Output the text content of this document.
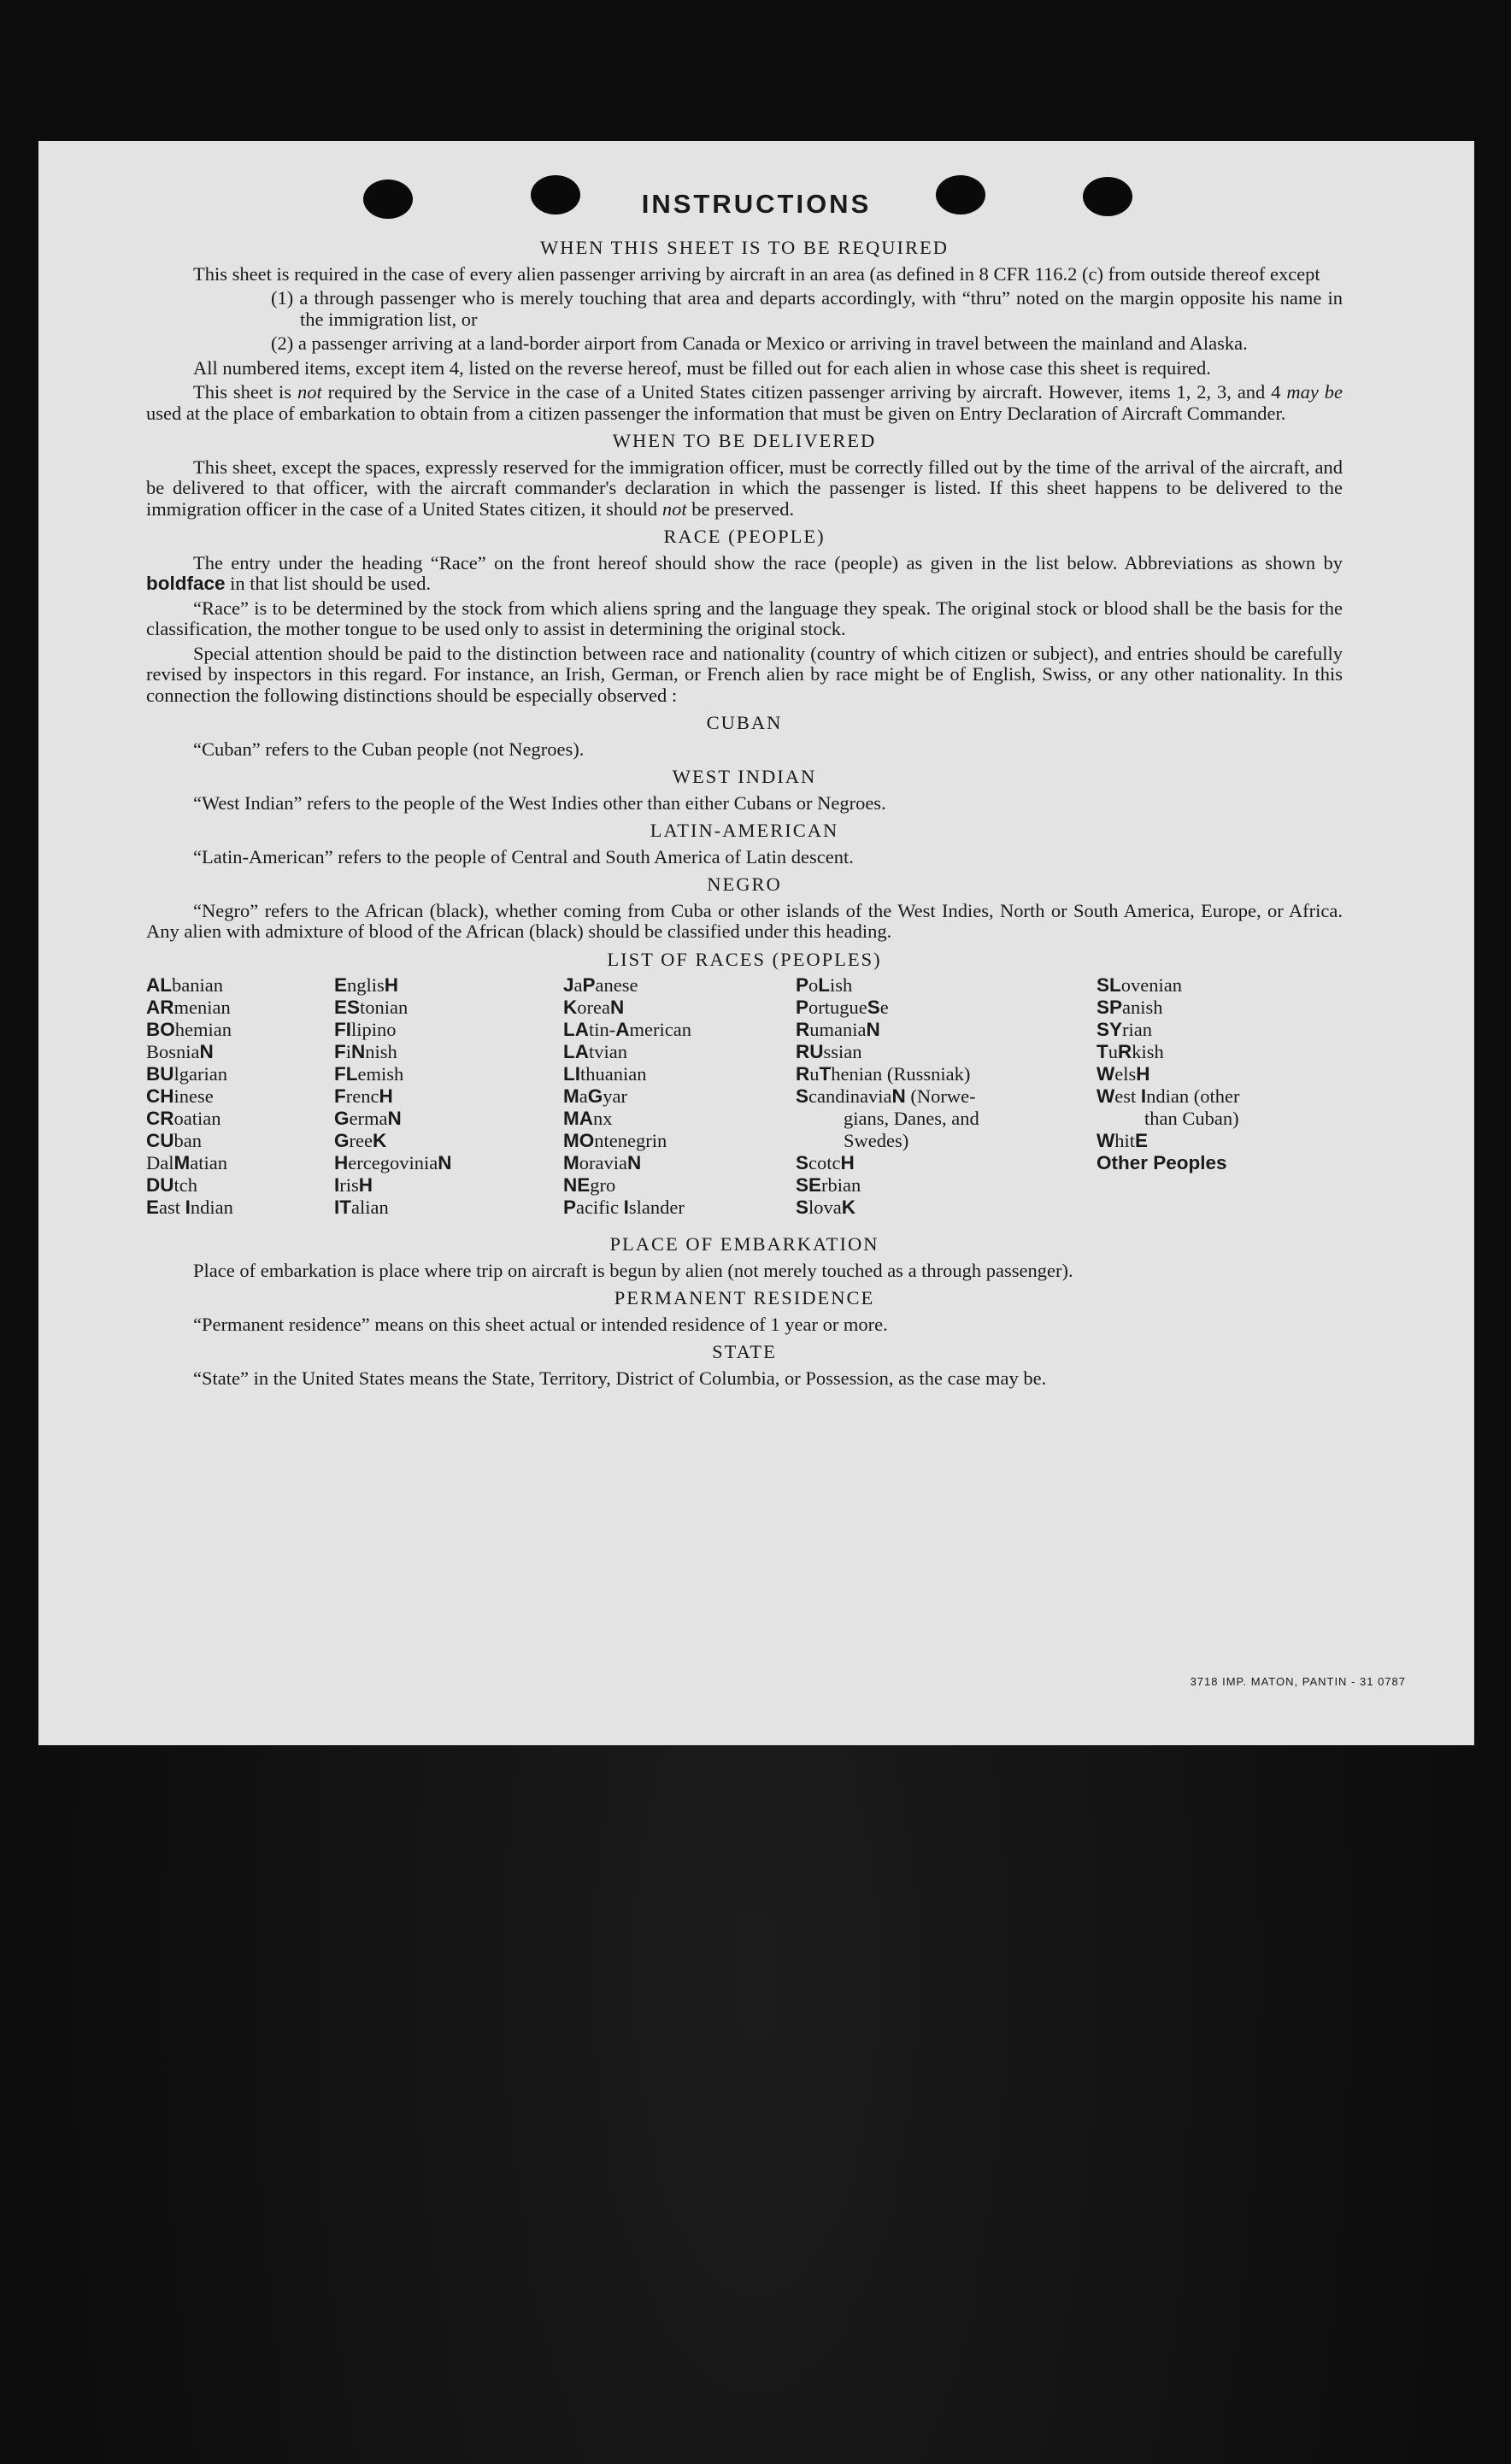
INSTRUCTIONS
WHEN THIS SHEET IS TO BE REQUIRED
This sheet is required in the case of every alien passenger arriving by aircraft in an area (as defined in 8 CFR 116.2 (c) from outside thereof except
(1) a through passenger who is merely touching that area and departs accordingly, with “thru” noted on the margin opposite his name in the immigration list, or
(2) a passenger arriving at a land-border airport from Canada or Mexico or arriving in travel between the mainland and Alaska.
All numbered items, except item 4, listed on the reverse hereof, must be filled out for each alien in whose case this sheet is required.
This sheet is not required by the Service in the case of a United States citizen passenger arriving by aircraft. However, items 1, 2, 3, and 4 may be used at the place of embarkation to obtain from a citizen passenger the information that must be given on Entry Declaration of Aircraft Commander.
WHEN TO BE DELIVERED
This sheet, except the spaces, expressly reserved for the immigration officer, must be correctly filled out by the time of the arrival of the aircraft, and be delivered to that officer, with the aircraft commander's declaration in which the passenger is listed. If this sheet happens to be delivered to the immigration officer in the case of a United States citizen, it should not be preserved.
RACE (PEOPLE)
The entry under the heading “Race” on the front hereof should show the race (people) as given in the list below. Abbreviations as shown by boldface in that list should be used.
“Race” is to be determined by the stock from which aliens spring and the language they speak. The original stock or blood shall be the basis for the classification, the mother tongue to be used only to assist in determining the original stock.
Special attention should be paid to the distinction between race and nationality (country of which citizen or subject), and entries should be carefully revised by inspectors in this regard. For instance, an Irish, German, or French alien by race might be of English, Swiss, or any other nationality. In this connection the following distinctions should be especially observed :
CUBAN
“Cuban” refers to the Cuban people (not Negroes).
WEST INDIAN
“West Indian” refers to the people of the West Indies other than either Cubans or Negroes.
LATIN-AMERICAN
“Latin-American” refers to the people of Central and South America of Latin descent.
NEGRO
“Negro” refers to the African (black), whether coming from Cuba or other islands of the West Indies, North or South America, Europe, or Africa. Any alien with admixture of blood of the African (black) should be classified under this heading.
LIST OF RACES (PEOPLES)
ALbanian
ARmenian
BOhemian
BosniaN
BUlgarian
CHinese
CRoatian
CUban
DalMatian
DUtch
East Indian
EnglisH
EStonian
FIlipino
FiNnish
FLemish
FrencH
GermaN
GreeK
HercegoviniaN
IrisH
ITalian
JaPanese
KoreaN
LAtin-American
LAtvian
LIthuanian
MaGyar
MAnx
MOntenegrin
MoraviaN
NEgro
Pacific Islander
PoLish
PortugueSe
RumaniaN
RUssian
RuThenian (Russniak)
ScandinaviaN (Norwe-
gians, Danes, and
Swedes)
ScotcH
SErbian
SlovaK
SLovenian
SPanish
SYrian
TuRkish
WelsH
West Indian (other
than Cuban)
WhitE
Other Peoples
PLACE OF EMBARKATION
Place of embarkation is place where trip on aircraft is begun by alien (not merely touched as a through passenger).
PERMANENT RESIDENCE
“Permanent residence” means on this sheet actual or intended residence of 1 year or more.
STATE
“State” in the United States means the State, Territory, District of Columbia, or Possession, as the case may be.
3718 IMP. MATON, PANTIN - 31 0787
